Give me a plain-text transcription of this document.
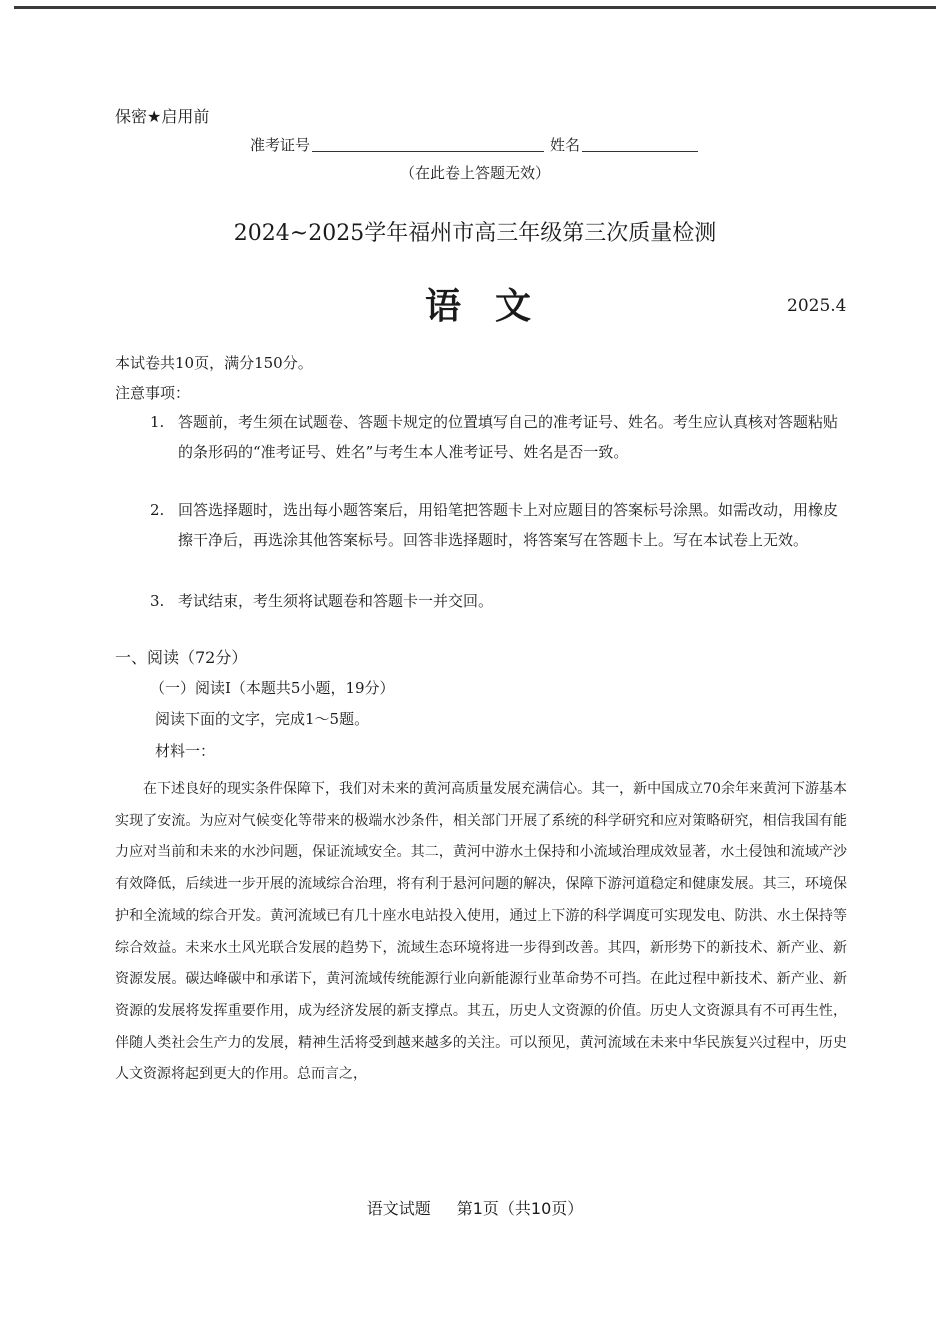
保密★启用前
准考证号	姓名
（在此卷上答题无效）
2024~2025学年福州市高三年级第三次质量检测
语文	2025.4
本试卷共10页，满分150分。
注意事项：
1. 答题前，考生须在试题卷、答题卡规定的位置填写自己的准考证号、姓名。考生应认真核对答题粘贴的条形码的“准考证号、姓名”与考生本人准考证号、姓名是否一致。
2. 回答选择题时，选出每小题答案后，用铅笔把答题卡上对应题目的答案标号涂黑。如需改动，用橡皮擦干净后，再选涂其他答案标号。回答非选择题时，将答案写在答题卡上。写在本试卷上无效。
3. 考试结束，考生须将试题卷和答题卡一并交回。
一、阅读（72分）
（一）阅读Ⅰ（本题共5小题，19分）
阅读下面的文字，完成1～5题。
材料一：
在下述良好的现实条件保障下，我们对未来的黄河高质量发展充满信心。其一，新中国成立70余年来黄河下游基本实现了安流。为应对气候变化等带来的极端水沙条件，相关部门开展了系统的科学研究和应对策略研究，相信我国有能力应对当前和未来的水沙问题，保证流域安全。其二，黄河中游水土保持和小流域治理成效显著，水土侵蚀和流域产沙有效降低，后续进一步开展的流域综合治理，将有利于悬河问题的解决，保障下游河道稳定和健康发展。其三，环境保护和全流域的综合开发。黄河流域已有几十座水电站投入使用，通过上下游的科学调度可实现发电、防洪、水土保持等综合效益。未来水土风光联合发展的趋势下，流域生态环境将进一步得到改善。其四，新形势下的新技术、新产业、新资源发展。碳达峰碳中和承诺下，黄河流域传统能源行业向新能源行业革命势不可挡。在此过程中新技术、新产业、新资源的发展将发挥重要作用，成为经济发展的新支撑点。其五，历史人文资源的价值。历史人文资源具有不可再生性，伴随人类社会生产力的发展，精神生活将受到越来越多的关注。可以预见，黄河流域在未来中华民族复兴过程中，历史人文资源将起到更大的作用。总而言之，
语文试题 第1页（共10页）
